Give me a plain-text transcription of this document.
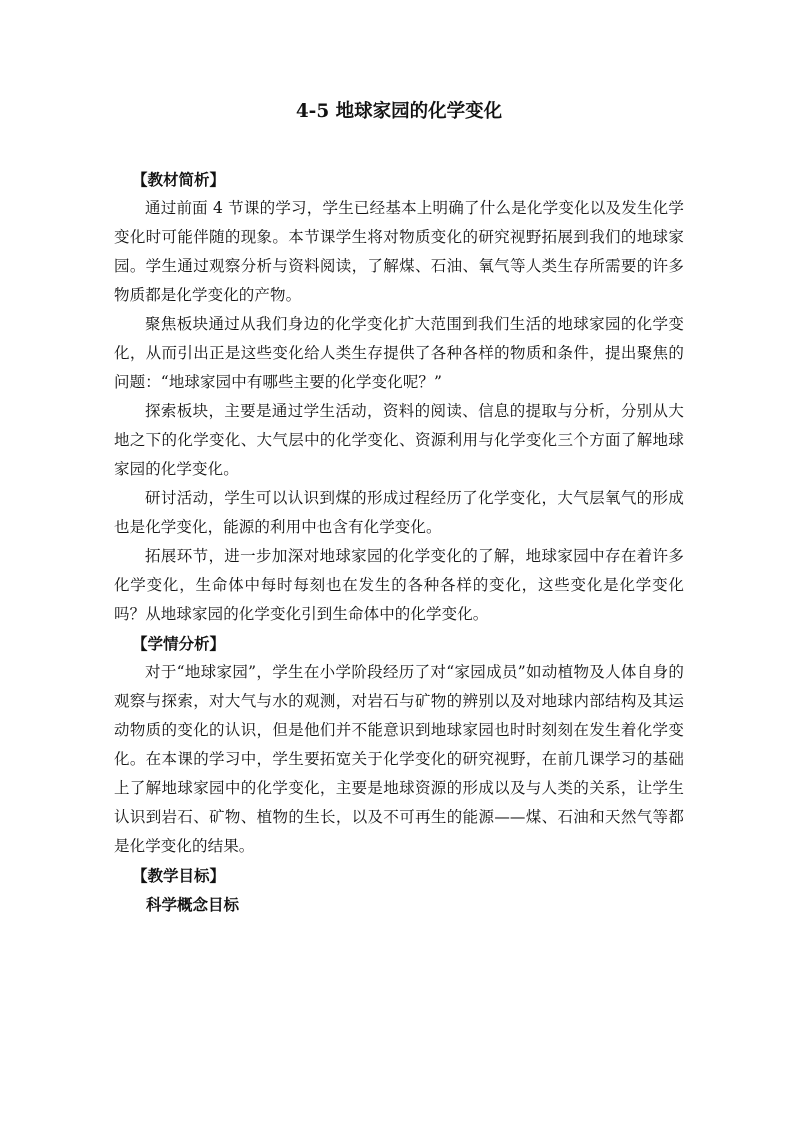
4-5 地球家园的化学变化

【教材简析】

通过前面 4 节课的学习，学生已经基本上明确了什么是化学变化以及发生化学变化时可能伴随的现象。本节课学生将对物质变化的研究视野拓展到我们的地球家园。学生通过观察分析与资料阅读，了解煤、石油、氧气等人类生存所需要的许多物质都是化学变化的产物。

聚焦板块通过从我们身边的化学变化扩大范围到我们生活的地球家园的化学变化，从而引出正是这些变化给人类生存提供了各种各样的物质和条件，提出聚焦的问题：“地球家园中有哪些主要的化学变化呢？”

探索板块，主要是通过学生活动，资料的阅读、信息的提取与分析，分别从大地之下的化学变化、大气层中的化学变化、资源利用与化学变化三个方面了解地球家园的化学变化。

研讨活动，学生可以认识到煤的形成过程经历了化学变化，大气层氧气的形成也是化学变化，能源的利用中也含有化学变化。

拓展环节，进一步加深对地球家园的化学变化的了解，地球家园中存在着许多化学变化，生命体中每时每刻也在发生的各种各样的变化，这些变化是化学变化吗？从地球家园的化学变化引到生命体中的化学变化。

【学情分析】

对于“地球家园”，学生在小学阶段经历了对“家园成员”如动植物及人体自身的观察与探索，对大气与水的观测，对岩石与矿物的辨别以及对地球内部结构及其运动物质的变化的认识，但是他们并不能意识到地球家园也时时刻刻在发生着化学变化。在本课的学习中，学生要拓宽关于化学变化的研究视野，在前几课学习的基础上了解地球家园中的化学变化，主要是地球资源的形成以及与人类的关系，让学生认识到岩石、矿物、植物的生长，以及不可再生的能源——煤、石油和天然气等都是化学变化的结果。

【教学目标】

科学概念目标
